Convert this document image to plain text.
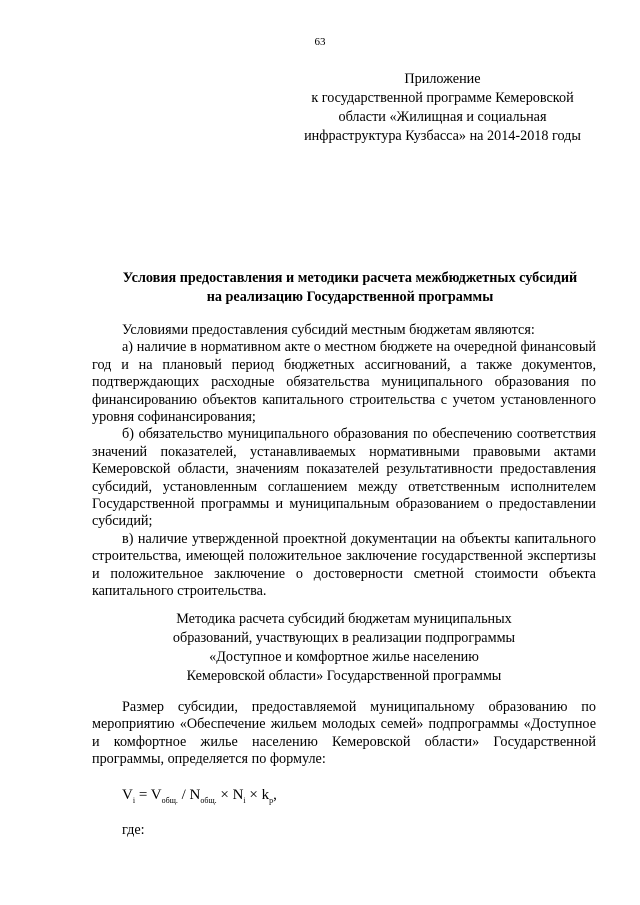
63
Приложение
к государственной программе Кемеровской
области «Жилищная и социальная
инфраструктура Кузбасса» на 2014-2018 годы
Условия предоставления и методики расчета межбюджетных субсидий
на реализацию Государственной программы

Условиями предоставления субсидий местным бюджетам являются:

а) наличие в нормативном акте о местном бюджете на очередной финансовый год и на плановый период бюджетных ассигнований, а также документов, подтверждающих расходные обязательства муниципального образования по финансированию объектов капитального строительства с учетом установленного уровня софинансирования;

б) обязательство муниципального образования по обеспечению соответствия значений показателей, устанавливаемых нормативными правовыми актами Кемеровской области, значениям показателей результативности предоставления субсидий, установленным соглашением между ответственным исполнителем Государственной программы и муниципальным образованием о предоставлении субсидий;

в) наличие утвержденной проектной документации на объекты капитального строительства, имеющей положительное заключение государственной экспертизы и положительное заключение о достоверности сметной стоимости объекта капитального строительства.

Методика расчета субсидий бюджетам муниципальных
образований, участвующих в реализации подпрограммы
«Доступное и комфортное жилье населению
Кемеровской области» Государственной программы

Размер субсидии, предоставляемой муниципальному образованию по мероприятию «Обеспечение жильем молодых семей» подпрограммы «Доступное и комфортное жилье населению Кемеровской области» Государственной программы, определяется по формуле:

$V_i = V_{общ.} / N_{общ.} \times N_i \times k_р$,
где:
